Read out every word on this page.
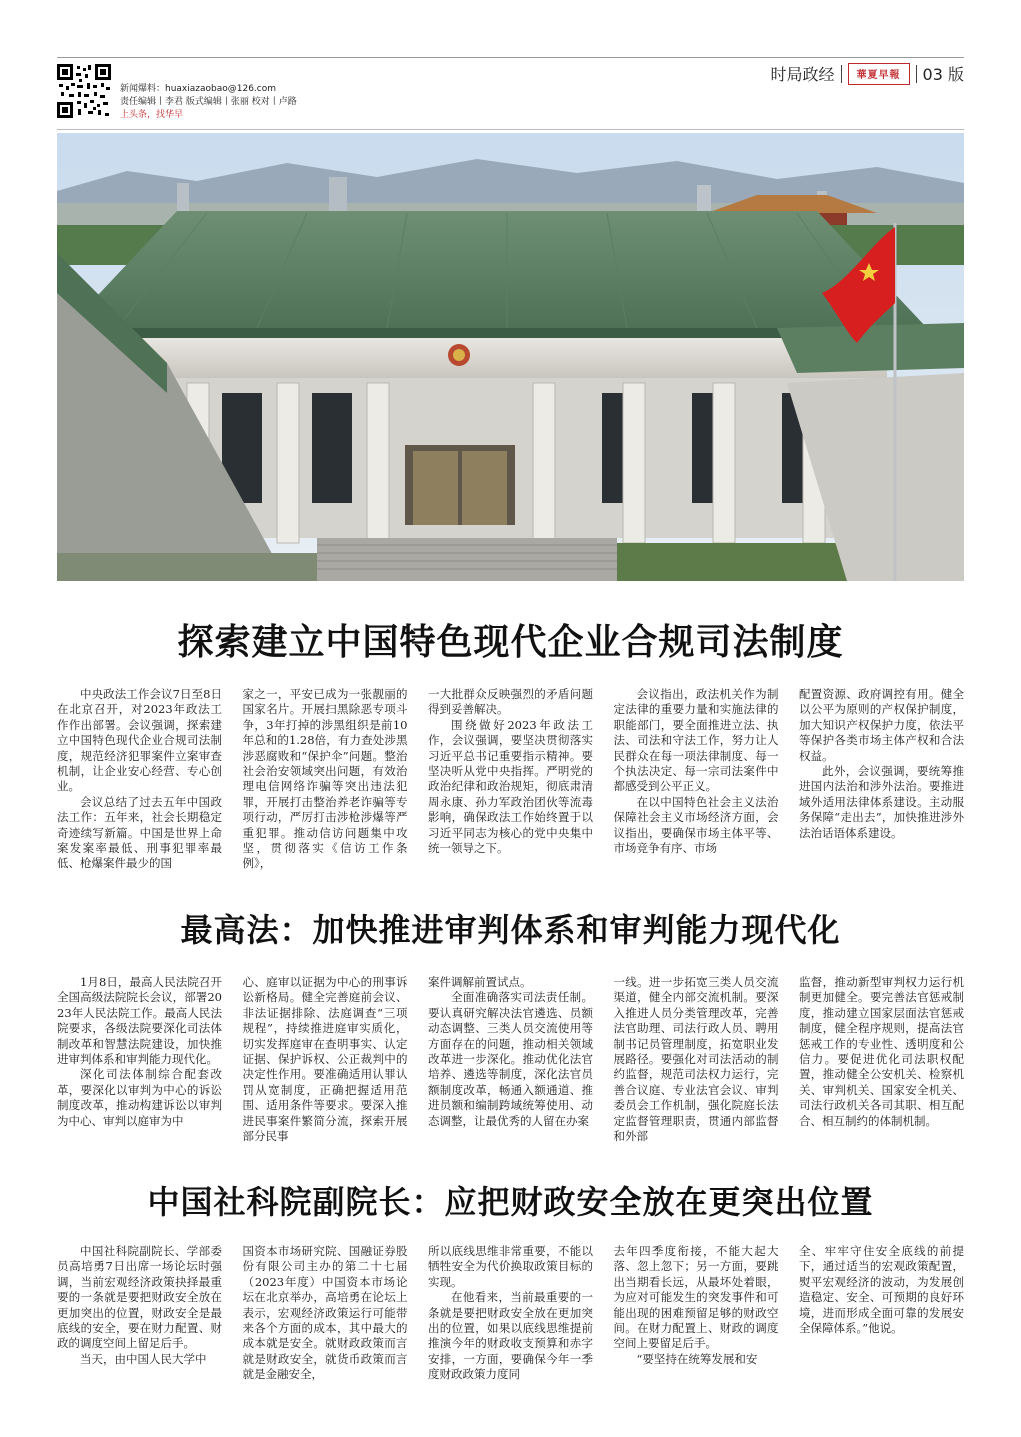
新闻爆料：huaxiazaobao@126.com
责任编辑丨李君 版式编辑丨张丽 校对丨卢路
上头条，找华早
时局政经	華夏早報	03 版
探索建立中国特色现代企业合规司法制度

中央政法工作会议7日至8日在北京召开，对2023年政法工作作出部署。会议强调，探索建立中国特色现代企业合规司法制度，规范经济犯罪案件立案审查机制，让企业安心经营、专心创业。

会议总结了过去五年中国政法工作：五年来，社会长期稳定奇迹续写新篇。中国是世界上命案发案率最低、刑事犯罪率最低、枪爆案件最少的国

家之一，平安已成为一张靓丽的国家名片。开展扫黑除恶专项斗争，3年打掉的涉黑组织是前10年总和的1.28倍，有力查处涉黑涉恶腐败和“保护伞”问题。整治社会治安领域突出问题，有效治理电信网络诈骗等突出违法犯罪，开展打击整治养老诈骗等专项行动，严厉打击涉枪涉爆等严重犯罪。推动信访问题集中攻坚，贯彻落实《信访工作条例》，

一大批群众反映强烈的矛盾问题得到妥善解决。

围绕做好2023年政法工作，会议强调，要坚决贯彻落实习近平总书记重要指示精神。要坚决听从党中央指挥。严明党的政治纪律和政治规矩，彻底肃清周永康、孙力军政治团伙等流毒影响，确保政法工作始终置于以习近平同志为核心的党中央集中统一领导之下。

会议指出，政法机关作为制定法律的重要力量和实施法律的职能部门，要全面推进立法、执法、司法和守法工作，努力让人民群众在每一项法律制度、每一个执法决定、每一宗司法案件中都感受到公平正义。

在以中国特色社会主义法治保障社会主义市场经济方面，会议指出，要确保市场主体平等、市场竞争有序、市场

配置资源、政府调控有用。健全以公平为原则的产权保护制度，加大知识产权保护力度，依法平等保护各类市场主体产权和合法权益。

此外，会议强调，要统筹推进国内法治和涉外法治。要推进域外适用法律体系建设。主动服务保障“走出去”，加快推进涉外法治话语体系建设。

最高法：加快推进审判体系和审判能力现代化

1月8日，最高人民法院召开全国高级法院院长会议，部署2023年人民法院工作。最高人民法院要求，各级法院要深化司法体制改革和智慧法院建设，加快推进审判体系和审判能力现代化。

深化司法体制综合配套改革，要深化以审判为中心的诉讼制度改革，推动构建诉讼以审判为中心、审判以庭审为中

心、庭审以证据为中心的刑事诉讼新格局。健全完善庭前会议、非法证据排除、法庭调查“三项规程”，持续推进庭审实质化，切实发挥庭审在查明事实、认定证据、保护诉权、公正裁判中的决定性作用。要准确适用认罪认罚从宽制度，正确把握适用范围、适用条件等要求。要深入推进民事案件繁简分流，探索开展部分民事

案件调解前置试点。

全面准确落实司法责任制。要认真研究解决法官遴选、员额动态调整、三类人员交流使用等方面存在的问题，推动相关领域改革进一步深化。推动优化法官培养、遴选等制度，深化法官员额制度改革，畅通入额通道、推进员额和编制跨域统筹使用、动态调整，让最优秀的人留在办案

一线。进一步拓宽三类人员交流渠道，健全内部交流机制。要深入推进人员分类管理改革，完善法官助理、司法行政人员、聘用制书记员管理制度，拓宽职业发展路径。要强化对司法活动的制约监督，规范司法权力运行，完善合议庭、专业法官会议、审判委员会工作机制，强化院庭长法定监督管理职责，贯通内部监督和外部

监督，推动新型审判权力运行机制更加健全。要完善法官惩戒制度，推动建立国家层面法官惩戒制度，健全程序规则，提高法官惩戒工作的专业性、透明度和公信力。要促进优化司法职权配置，推动健全公安机关、检察机关、审判机关、国家安全机关、司法行政机关各司其职、相互配合、相互制约的体制机制。

中国社科院副院长：应把财政安全放在更突出位置

中国社科院副院长、学部委员高培勇7日出席一场论坛时强调，当前宏观经济政策抉择最重要的一条就是要把财政安全放在更加突出的位置，财政安全是最底线的安全，要在财力配置、财政的调度空间上留足后手。

当天，由中国人民大学中

国资本市场研究院、国融证券股份有限公司主办的第二十七届（2023年度）中国资本市场论坛在北京举办，高培勇在论坛上表示，宏观经济政策运行可能带来各个方面的成本，其中最大的成本就是安全。就财政政策而言就是财政安全，就货币政策而言就是金融安全，

所以底线思维非常重要，不能以牺牲安全为代价换取政策目标的实现。

在他看来，当前最重要的一条就是要把财政安全放在更加突出的位置，如果以底线思维提前推演今年的财政收支预算和赤字安排，一方面，要确保今年一季度财政政策力度同

去年四季度衔接，不能大起大落、忽上忽下；另一方面，要跳出当期看长远，从最坏处着眼，为应对可能发生的突发事件和可能出现的困难预留足够的财政空间。在财力配置上、财政的调度空间上要留足后手。

“要坚持在统筹发展和安

全、牢牢守住安全底线的前提下，通过适当的宏观政策配置，熨平宏观经济的波动，为发展创造稳定、安全、可预期的良好环境，进而形成全面可靠的发展安全保障体系。”他说。
